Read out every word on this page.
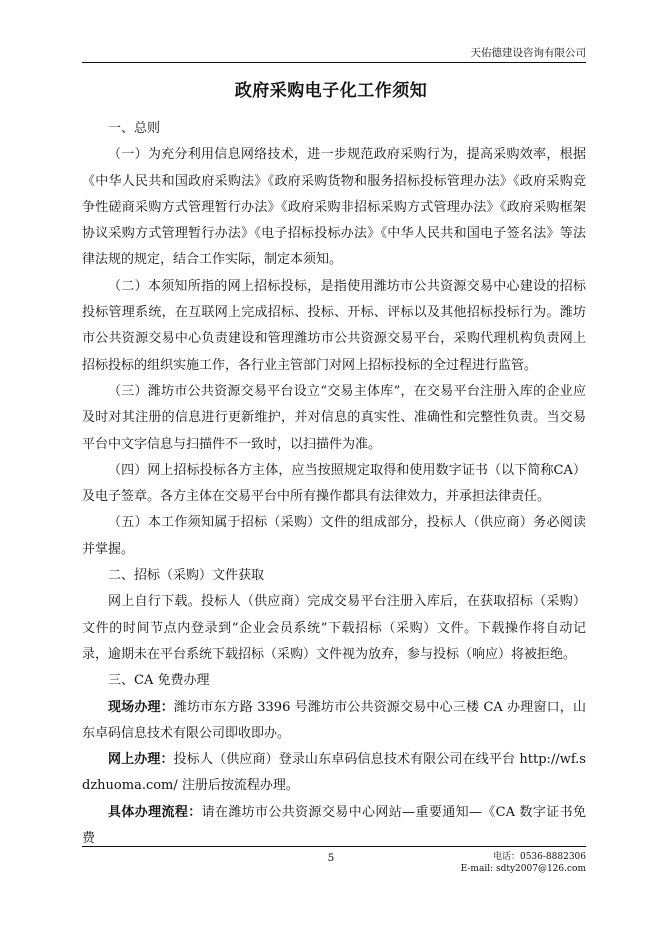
天佑德建设咨询有限公司
政府采购电子化工作须知

一、总则

（一）为充分利用信息网络技术，进一步规范政府采购行为，提高采购效率，根据《中华人民共和国政府采购法》《政府采购货物和服务招标投标管理办法》《政府采购竞争性磋商采购方式管理暂行办法》《政府采购非招标采购方式管理办法》《政府采购框架协议采购方式管理暂行办法》《电子招标投标办法》《中华人民共和国电子签名法》等法律法规的规定，结合工作实际，制定本须知。

（二）本须知所指的网上招标投标，是指使用潍坊市公共资源交易中心建设的招标投标管理系统，在互联网上完成招标、投标、开标、评标以及其他招标投标行为。潍坊市公共资源交易中心负责建设和管理潍坊市公共资源交易平台，采购代理机构负责网上招标投标的组织实施工作，各行业主管部门对网上招标投标的全过程进行监管。

（三）潍坊市公共资源交易平台设立“交易主体库”，在交易平台注册入库的企业应及时对其注册的信息进行更新维护，并对信息的真实性、准确性和完整性负责。当交易平台中文字信息与扫描件不一致时，以扫描件为准。

（四）网上招标投标各方主体，应当按照规定取得和使用数字证书（以下简称CA）及电子签章。各方主体在交易平台中所有操作都具有法律效力，并承担法律责任。

（五）本工作须知属于招标（采购）文件的组成部分，投标人（供应商）务必阅读并掌握。

二、招标（采购）文件获取

网上自行下载。投标人（供应商）完成交易平台注册入库后，在获取招标（采购）文件的时间节点内登录到“企业会员系统”下载招标（采购）文件。下载操作将自动记录，逾期未在平台系统下载招标（采购）文件视为放弃，参与投标（响应）将被拒绝。

三、CA 免费办理

现场办理：潍坊市东方路 3396 号潍坊市公共资源交易中心三楼 CA 办理窗口，山东卓码信息技术有限公司即收即办。

网上办理：投标人（供应商）登录山东卓码信息技术有限公司在线平台 http://wf.sdzhuoma.com/ 注册后按流程办理。

具体办理流程：请在潍坊市公共资源交易中心网站—重要通知—《CA 数字证书免费

5	电话：0536-8882306
E-mail: sdty2007@126.com
